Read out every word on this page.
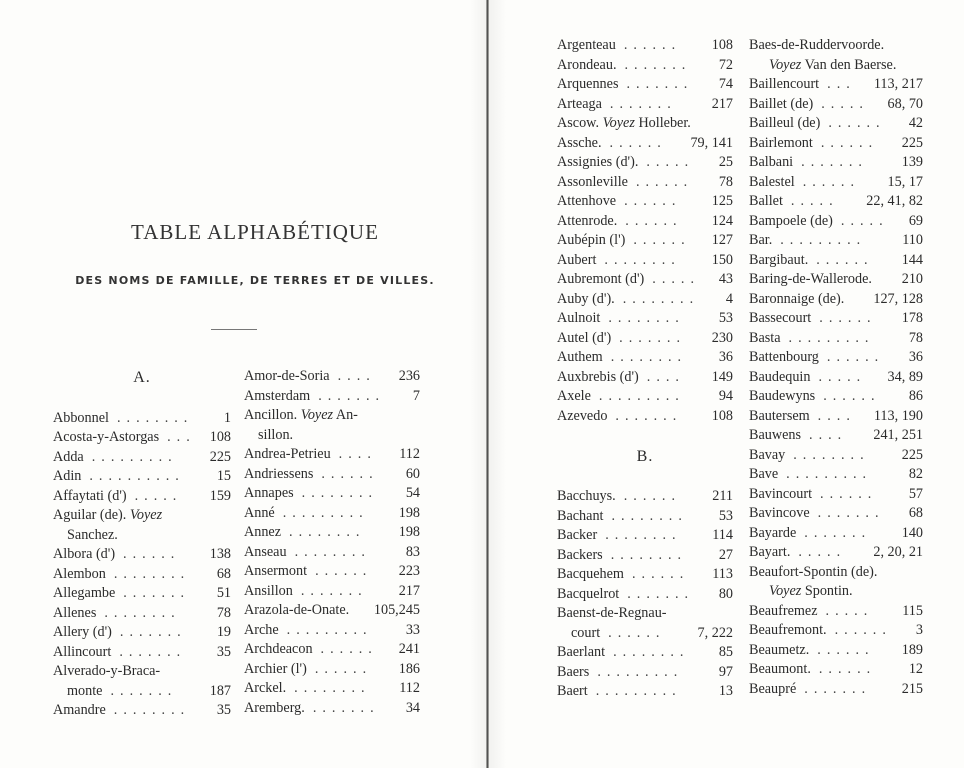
TABLE ALPHABÉTIQUE
DES NOMS DE FAMILLE, DE TERRES ET DE VILLES.
A.
Abbonnel	1
........
Acosta-y-Astorgas	108
...
Adda	225
.........
Adin	15
..........
Affaytati (d')	159
.....
Aguilar (de). Voyez
Sanchez.
Albora (d')	138
......
Alembon	68
........
Allegambe	51
.......
Allenes	78
........
Allery (d')	19
.......
Allincourt	35
.......
Alverado-y-Braca-
monte	187
.......
Amandre	35
........
Amor-de-Soria	236
....
Amsterdam	7
.......
Ancillon. Voyez An-
sillon.
Andrea-Petrieu	112
....
Andriessens	60
......
Annapes	54
........
Anné	198
.........
Annez	198
........
Anseau	83
........
Ansermont	223
......
Ansillon	217
.......
Arazola-de-Onate. 105,245
Arche	33
.........
Archdeacon	241
......
Archier (l')	186
......
Arckel.	112
........
Aremberg.	34
.......
Argenteau	108
......
Arondeau.	72
.......
Arquennes	74
.......
Arteaga	217
.......
Ascow. Voyez Holleber.
Assche.	79, 141
......
Assignies (d').	25
.....
Assonleville	78
......
Attenhove	125
......
Attenrode.	124
......
Aubépin (l')	127
......
Aubert	150
........
Aubremont (d')	43
.....
Auby (d').	4
........
Aulnoit	53
........
Autel (d')	230
.......
Authem	36
........
Auxbrebis (d')	149
....
Axele	94
.........
Azevedo	108
.......
B.
Bacchuys.	211
......
Bachant	53
........
Backer	114
........
Backers	27
........
Bacquehem	113
......
Bacquelrot	80
.......
Baenst-de-Regnau-
court	7, 222
......
Baerlant	85
........
Baers	97
.........
Baert	13
.........
Baes-de-Ruddervoorde.
Voyez Van den Baerse.
Baillencourt	113, 217
...
Baillet (de)	68, 70
.....
Bailleul (de)	42
......
Bairlemont	225
......
Balbani	139
.......
Balestel	15, 17
......
Ballet	22, 41, 82
.....
Bampoele (de)	69
.....
Bar.	110
.........
Bargibaut.	144
......
Baring-de-Wallerode. 210
Baronnaige (de). 127, 128
Bassecourt	178
......
Basta	78
.........
Battenbourg	36
......
Baudequin	34, 89
.....
Baudewyns	86
......
Bautersem	113, 190
....
Bauwens	241, 251
....
Bavay	225
........
Bave	82
.........
Bavincourt	57
......
Bavincove	68
.......
Bayarde	140
.......
Bayart.	2, 20, 21
.....
Beaufort-Spontin (de).
Voyez Spontin.
Beaufremez	115
.....
Beaufremont.	3
......
Beaumetz.	189
......
Beaumont.	12
......
Beaupré	215
.......
